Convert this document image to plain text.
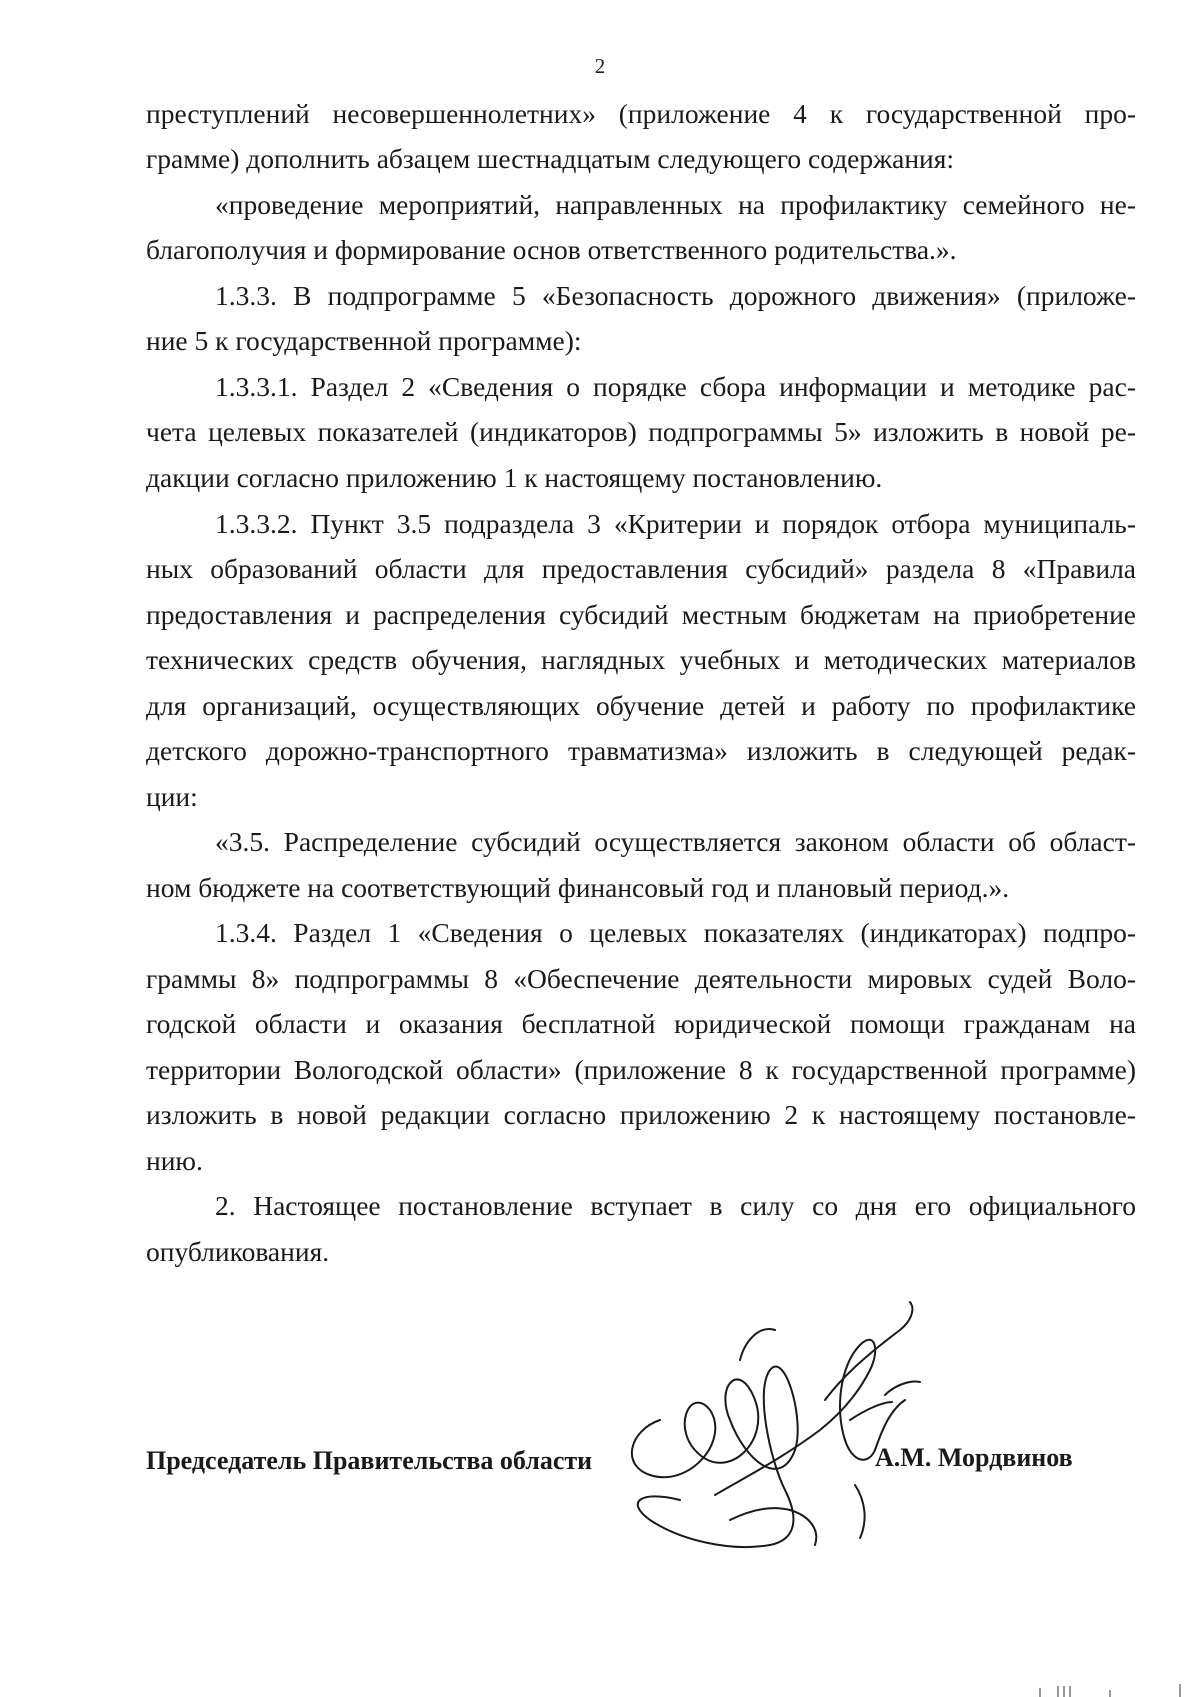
2
преступлений несовершеннолетних» (приложение 4 к государственной про-
грамме) дополнить абзацем шестнадцатым следующего содержания:
«проведение мероприятий, направленных на профилактику семейного не-
благополучия и формирование основ ответственного родительства.».
1.3.3. В подпрограмме 5 «Безопасность дорожного движения» (приложе-
ние 5 к государственной программе):
1.3.3.1. Раздел 2 «Сведения о порядке сбора информации и методике рас-
чета целевых показателей (индикаторов) подпрограммы 5» изложить в новой ре-
дакции согласно приложению 1 к настоящему постановлению.
1.3.3.2. Пункт 3.5 подраздела 3 «Критерии и порядок отбора муниципаль-
ных образований области для предоставления субсидий» раздела 8 «Правила
предоставления и распределения субсидий местным бюджетам на приобретение
технических средств обучения, наглядных учебных и методических материалов
для организаций, осуществляющих обучение детей и работу по профилактике
детского дорожно-транспортного травматизма» изложить в следующей редак-
ции:
«3.5. Распределение субсидий осуществляется законом области об област-
ном бюджете на соответствующий финансовый год и плановый период.».
1.3.4. Раздел 1 «Сведения о целевых показателях (индикаторах) подпро-
граммы 8» подпрограммы 8 «Обеспечение деятельности мировых судей Воло-
годской области и оказания бесплатной юридической помощи гражданам на
территории Вологодской области» (приложение 8 к государственной программе)
изложить в новой редакции согласно приложению 2 к настоящему постановле-
нию.
2. Настоящее постановление вступает в силу со дня его официального
опубликования.
Председатель Правительства области	А.М. Мордвинов
